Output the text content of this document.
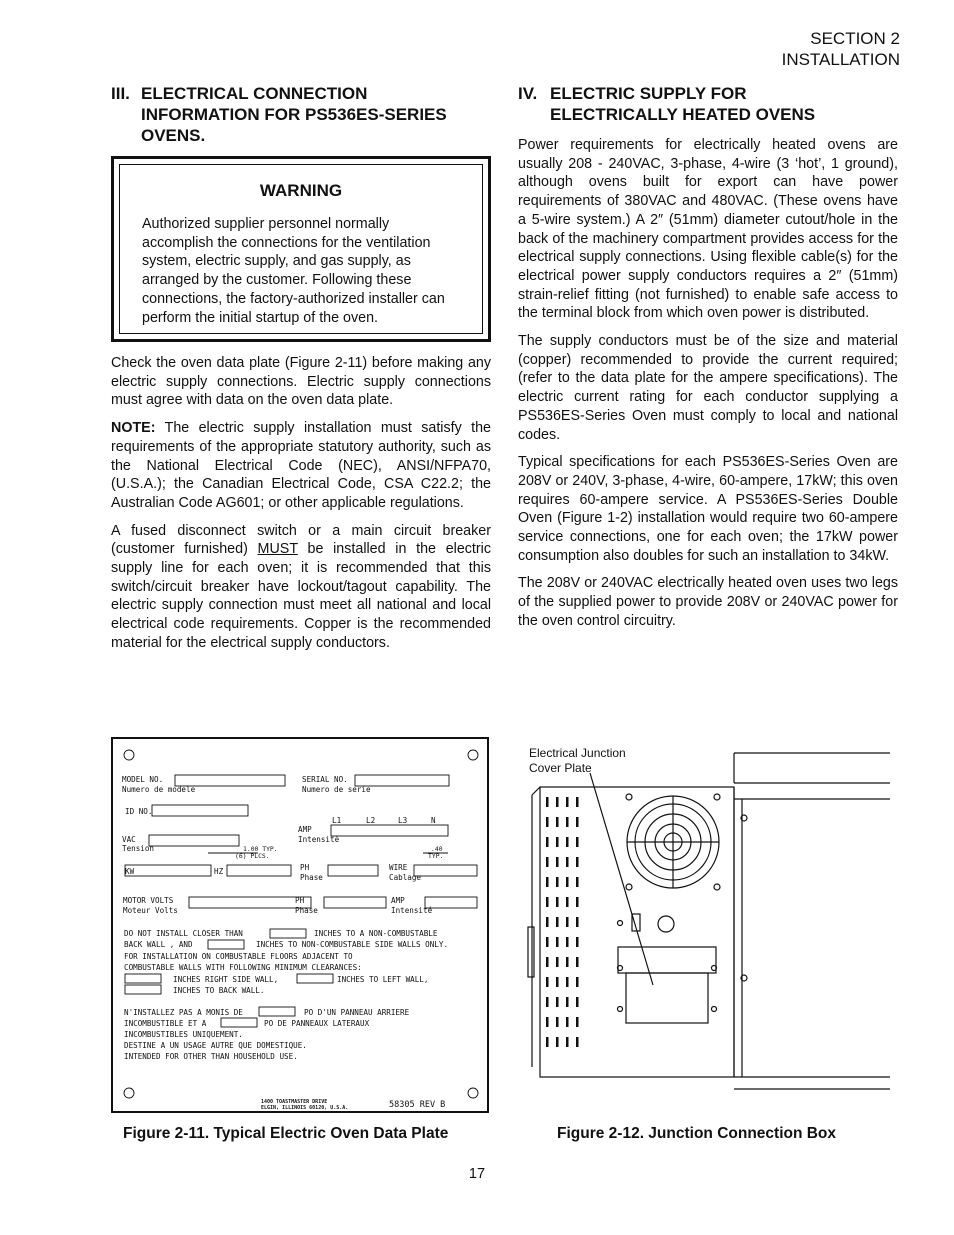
SECTION 2
INSTALLATION
III. ELECTRICAL CONNECTION
INFORMATION FOR PS536ES-SERIES
OVENS.
WARNING
Authorized supplier personnel normally accomplish the connections for the ventilation system, electric supply, and gas supply, as arranged by the customer. Following these connections, the factory-authorized installer can perform the initial startup of the oven.

Check the oven data plate (Figure 2-11) before making any electric supply connections. Electric supply connections must agree with data on the oven data plate.

NOTE: The electric supply installation must satisfy the requirements of the appropriate statutory authority, such as the National Electrical Code (NEC), ANSI/NFPA70, (U.S.A.); the Canadian Electrical Code, CSA C22.2; the Australian Code AG601; or other applicable regulations.

A fused disconnect switch or a main circuit breaker (customer furnished) MUST be installed in the electric supply line for each oven; it is recommended that this switch/circuit breaker have lockout/tagout capability. The electric supply connection must meet all national and local electrical code requirements. Copper is the recommended material for the electrical supply conductors.

IV. ELECTRIC SUPPLY FOR
ELECTRICALLY HEATED OVENS

Power requirements for electrically heated ovens are usually 208 - 240VAC, 3-phase, 4-wire (3 ‘hot’, 1 ground), although ovens built for export can have power requirements of 380VAC and 480VAC. (These ovens have a 5-wire system.) A 2″ (51mm) diameter cutout/hole in the back of the machinery compartment provides access for the electrical supply connections. Using flexible cable(s) for the electrical power supply conductors requires a 2″ (51mm) strain-relief fitting (not furnished) to enable safe access to the terminal block from which oven power is distributed.

The supply conductors must be of the size and material (copper) recommended to provide the current required; (refer to the data plate for the ampere specifications). The electric current rating for each conductor supplying a PS536ES-Series Oven must comply to local and national codes.

Typical specifications for each PS536ES-Series Oven are 208V or 240V, 3-phase, 4-wire, 60-ampere, 17kW; this oven requires 60-ampere service. A PS536ES-Series Double Oven (Figure 1-2) installation would require two 60-ampere service connections, one for each oven; the 17kW power consumption also doubles for such an installation to 34kW.

The 208V or 240VAC electrically heated oven uses two legs of the supplied power to provide 208V or 240VAC power for the oven control circuitry.

MODEL NO.
Numero de modele
SERIAL NO.
Numero de serie
ID NO.
L1	L2	L3	N
AMP
Intensité
VAC
Tension	1.00 TYP.
(6) PLCS.
.40
TYP.
KW	HZ	PH
Phase
WIRE
Cablage
MOTOR VOLTS
Moteur Volts
PH
Phase
AMP
Intensité
DO NOT INSTALL CLOSER THAN	INCHES TO A NON-COMBUSTABLE
BACK WALL , AND	INCHES TO NON-COMBUSTABLE SIDE WALLS ONLY.
FOR INSTALLATION ON COMBUSTABLE FLOORS ADJACENT TO
COMBUSTABLE WALLS WITH FOLLOWING MINIMUM CLEARANCES:
INCHES RIGHT SIDE WALL,	INCHES TO LEFT WALL,
INCHES TO BACK WALL.
N'INSTALLEZ PAS A MONIS DE	PO D'UN PANNEAU ARRIERE
INCOMBUSTIBLE ET A	PO DE PANNEAUX LATERAUX
INCOMBUSTIBLES UNIQUEMENT.
DESTINE A UN USAGE AUTRE QUE DOMESTIQUE.
INTENDED FOR OTHER THAN HOUSEHOLD USE.
1400 TOASTMASTER DRIVE
ELGIN, ILLINOIS 60120, U.S.A.	58305 REV B
Electrical Junction
Cover Plate
Figure 2-11. Typical Electric Oven Data Plate	Figure 2-12. Junction Connection Box
17
